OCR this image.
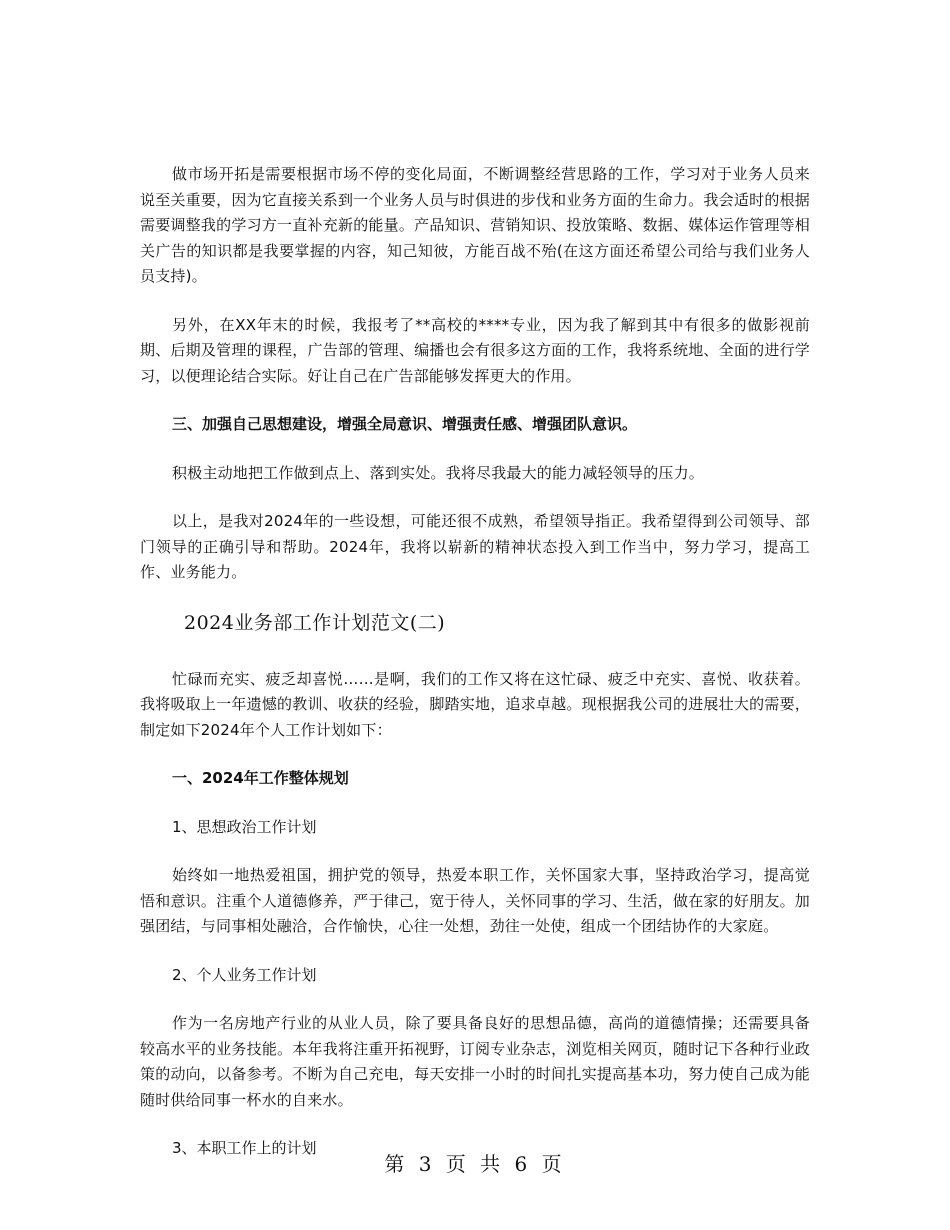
做市场开拓是需要根据市场不停的变化局面，不断调整经营思路的工作，学习对于业务人员来说至关重要，因为它直接关系到一个业务人员与时俱进的步伐和业务方面的生命力。我会适时的根据需要调整我的学习方一直补充新的能量。产品知识、营销知识、投放策略、数据、媒体运作管理等相关广告的知识都是我要掌握的内容，知己知彼，方能百战不殆(在这方面还希望公司给与我们业务人员支持)。

另外，在XX年末的时候，我报考了**高校的****专业，因为我了解到其中有很多的做影视前期、后期及管理的课程，广告部的管理、编播也会有很多这方面的工作，我将系统地、全面的进行学习，以便理论结合实际。好让自己在广告部能够发挥更大的作用。

三、加强自己思想建设，增强全局意识、增强责任感、增强团队意识。

积极主动地把工作做到点上、落到实处。我将尽我最大的能力减轻领导的压力。

以上，是我对2024年的一些设想，可能还很不成熟，希望领导指正。我希望得到公司领导、部门领导的正确引导和帮助。2024年，我将以崭新的精神状态投入到工作当中，努力学习，提高工作、业务能力。

2024业务部工作计划范文(二)

忙碌而充实、疲乏却喜悦……是啊，我们的工作又将在这忙碌、疲乏中充实、喜悦、收获着。我将吸取上一年遗憾的教训、收获的经验，脚踏实地，追求卓越。现根据我公司的进展壮大的需要，制定如下2024年个人工作计划如下：

一、2024年工作整体规划

1、思想政治工作计划

始终如一地热爱祖国，拥护党的领导，热爱本职工作，关怀国家大事，坚持政治学习，提高觉悟和意识。注重个人道德修养，严于律己，宽于待人，关怀同事的学习、生活，做在家的好朋友。加强团结，与同事相处融洽，合作愉快，心往一处想，劲往一处使，组成一个团结协作的大家庭。

2、个人业务工作计划

作为一名房地产行业的从业人员，除了要具备良好的思想品德，高尚的道德情操；还需要具备较高水平的业务技能。本年我将注重开拓视野，订阅专业杂志，浏览相关网页，随时记下各种行业政策的动向，以备参考。不断为自己充电，每天安排一小时的时间扎实提高基本功，努力使自己成为能随时供给同事一杯水的自来水。

3、本职工作上的计划

第 3 页 共 6 页
